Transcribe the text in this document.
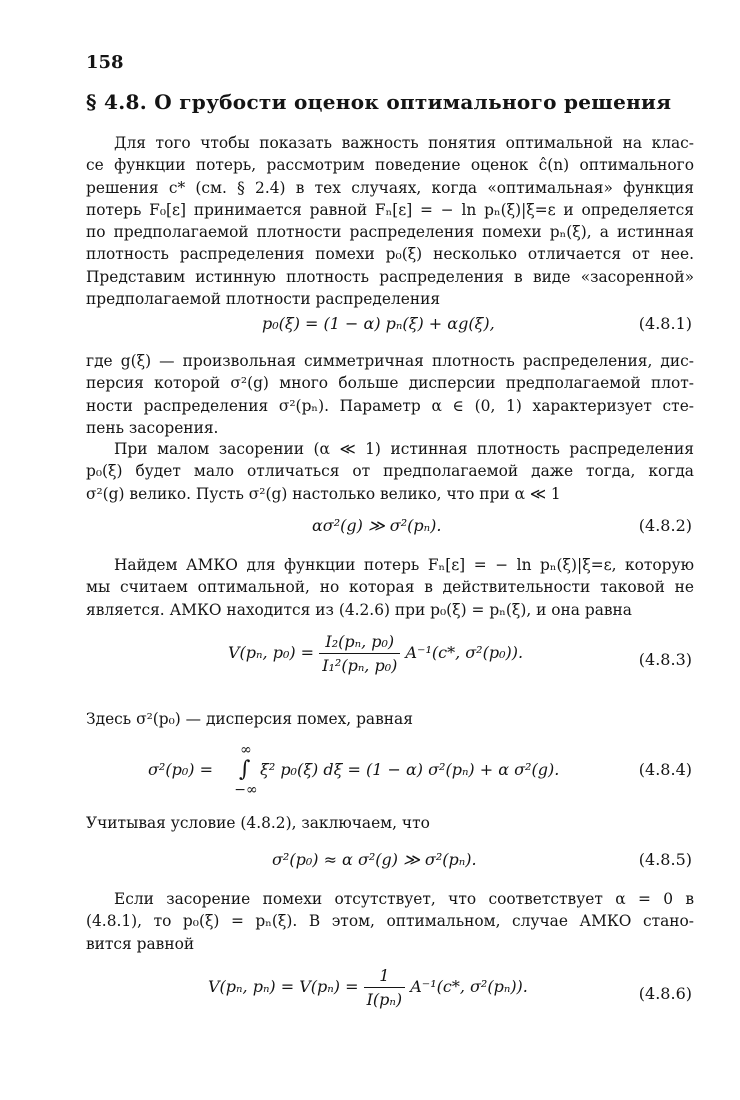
158
§ 4.8. О грубости оценок оптимального решения
Для того чтобы показать важность понятия оптимальной на клас-
се функции потерь, рассмотрим поведение оценок ĉ(n) оптимального
решения c* (см. § 2.4) в тех случаях, когда «оптимальная» функция
потерь F₀[ε] принимается равной Fₙ[ε] = − ln pₙ(ξ)|ξ=ε и определяется
по предполагаемой плотности распределения помехи pₙ(ξ), а истинная
плотность распределения помехи p₀(ξ) несколько отличается от нее.
Представим истинную плотность распределения в виде «засоренной»
предполагаемой плотности распределения
p₀(ξ) = (1 − α) pₙ(ξ) + αg(ξ),	(4.8.1)
где g(ξ) — произвольная симметричная плотность распределения, дис-
персия которой σ²(g) много больше дисперсии предполагаемой плот-
ности распределения σ²(pₙ). Параметр α ∈ (0, 1) характеризует сте-
пень засорения.
При малом засорении (α ≪ 1) истинная плотность распределения
p₀(ξ) будет мало отличаться от предполагаемой даже тогда, когда
σ²(g) велико. Пусть σ²(g) настолько велико, что при α ≪ 1
ασ²(g) ≫ σ²(pₙ).	(4.8.2)
Найдем АМКО для функции потерь Fₙ[ε] = − ln pₙ(ξ)|ξ=ε, которую
мы считаем оптимальной, но которая в действительности таковой не
является. АМКО находится из (4.2.6) при p₀(ξ) = pₙ(ξ), и она равна
V(pₙ, $p_0) = \frac{\text{I₂(pₙ, p₀)}}{\text{I₁²(pₙ, p₀)}} A^{-1}(c*$, σ²(p₀)).	(4.8.3)
Здесь σ²(p₀) — дисперсия помех, равная
σ²(p₀) =
∞
∫
−∞
ξ² p₀(ξ) dξ = (1 − α) σ²(pₙ) + α σ²(g).	(4.8.4)
Учитывая условие (4.8.2), заключаем, что
σ²(p₀) ≈ α σ²(g) ≫ σ²(pₙ).	(4.8.5)
Если засорение помехи отсутствует, что соответствует α = 0 в
(4.8.1), то p₀(ξ) = pₙ(ξ). В этом, оптимальном, случае АМКО стано-
вится равной
V(pₙ, $p_n) = V(p_n) = \frac{1}{\text{I(pₙ)}} A^{-1}(c*$, σ²(pₙ)).	(4.8.6)
